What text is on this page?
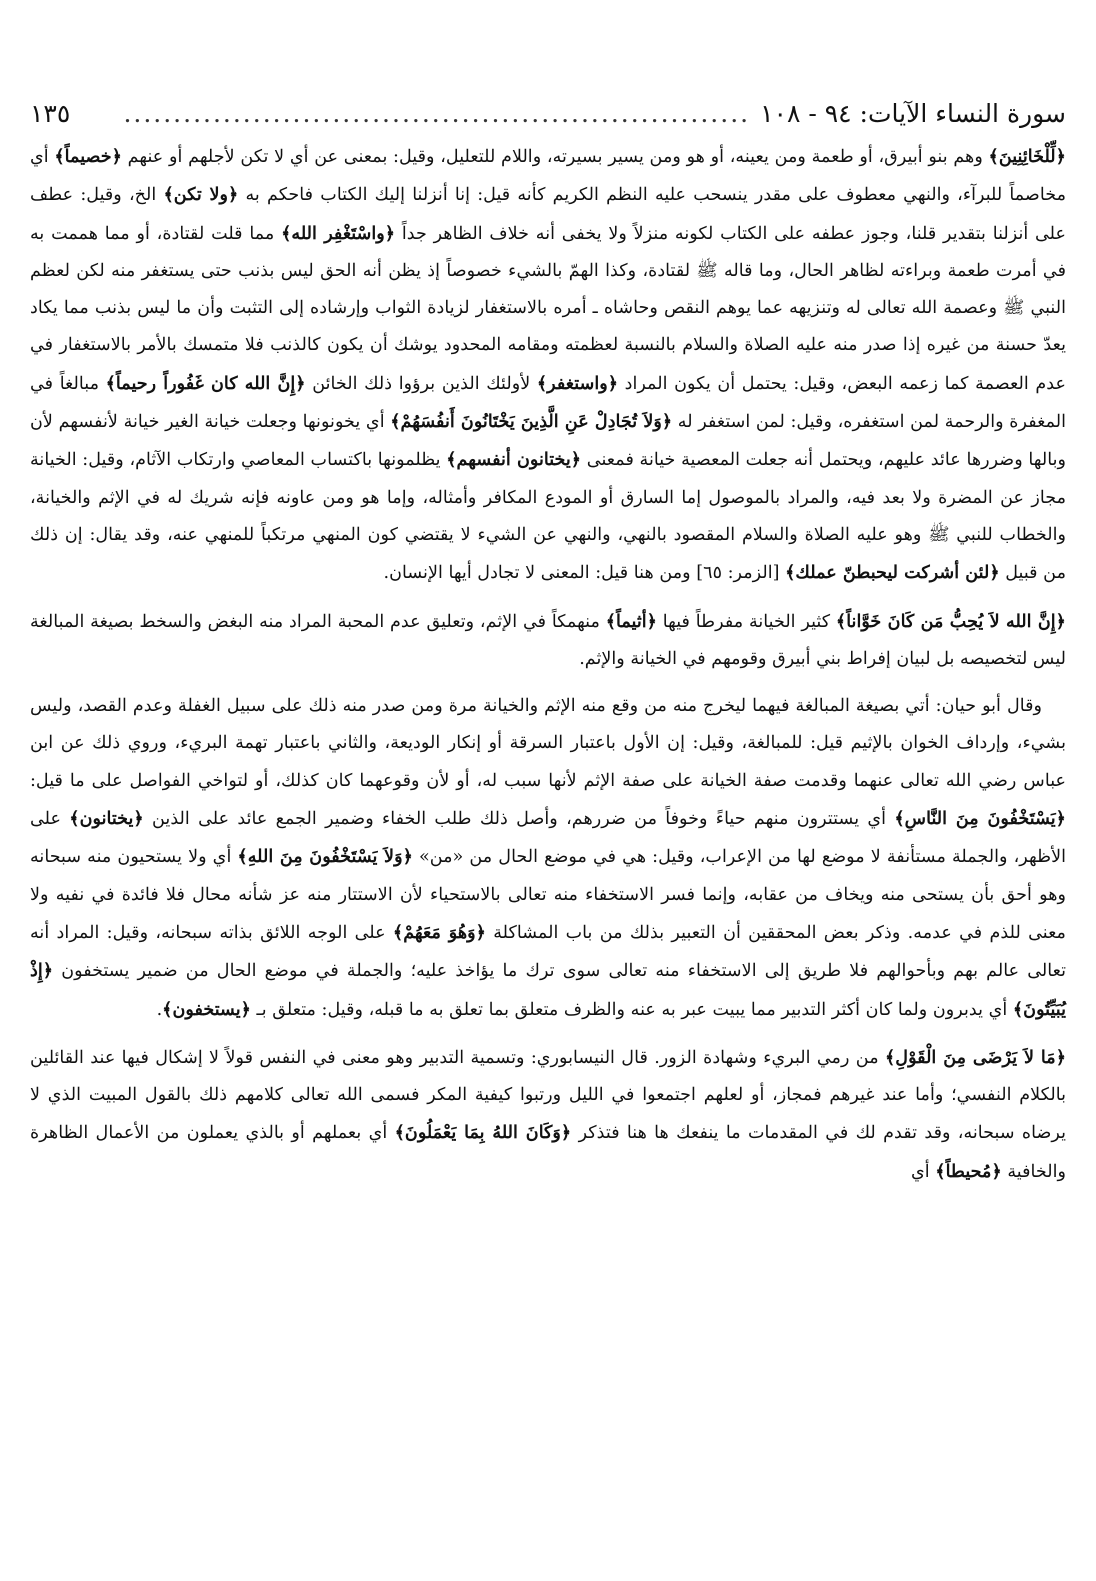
سورة النساء الآيات: ٩٤ - ١٠٨
...............................................................
١٣٥

﴿لِّلْخَائِنِينَ﴾ وهم بنو أبيرق، أو طعمة ومن يعينه، أو هو ومن يسير بسيرته، واللام للتعليل، وقيل: بمعنى عن أي لا تكن لأجلهم أو عنهم ﴿خصيماً﴾ أي مخاصماً للبرآء، والنهي معطوف على مقدر ينسحب عليه النظم الكريم كأنه قيل: إنا أنزلنا إليك الكتاب فاحكم به ﴿ولا تكن﴾ الخ، وقيل: عطف على أنزلنا بتقدير قلنا، وجوز عطفه على الكتاب لكونه منزلاً ولا يخفى أنه خلاف الظاهر جداً ﴿واسْتَغْفِر الله﴾ مما قلت لقتادة، أو مما هممت به في أمرت طعمة وبراءته لظاهر الحال، وما قاله ﷺ لقتادة، وكذا الهمّ بالشيء خصوصاً إذ يظن أنه الحق ليس بذنب حتى يستغفر منه لكن لعظم النبي ﷺ وعصمة الله تعالى له وتنزيهه عما يوهم النقص وحاشاه ـ أمره بالاستغفار لزيادة الثواب وإرشاده إلى التثبت وأن ما ليس بذنب مما يكاد يعدّ حسنة من غيره إذا صدر منه عليه الصلاة والسلام بالنسبة لعظمته ومقامه المحدود يوشك أن يكون كالذنب فلا متمسك بالأمر بالاستغفار في عدم العصمة كما زعمه البعض، وقيل: يحتمل أن يكون المراد ﴿واستغفر﴾ لأولئك الذين برؤوا ذلك الخائن ﴿إِنَّ الله كان غَفُوراً رحيماً﴾ مبالغاً في المغفرة والرحمة لمن استغفره، وقيل: لمن استغفر له ﴿وَلاَ تُجَادِلْ عَنِ الَّذِينَ يَخْتَانُونَ أَنفُسَهُمْ﴾ أي يخونونها وجعلت خيانة الغير خيانة لأنفسهم لأن وبالها وضررها عائد عليهم، ويحتمل أنه جعلت المعصية خيانة فمعنى ﴿يختانون أنفسهم﴾ يظلمونها باكتساب المعاصي وارتكاب الآثام، وقيل: الخيانة مجاز عن المضرة ولا بعد فيه، والمراد بالموصول إما السارق أو المودع المكافر وأمثاله، وإما هو ومن عاونه فإنه شريك له في الإثم والخيانة، والخطاب للنبي ﷺ وهو عليه الصلاة والسلام المقصود بالنهي، والنهي عن الشيء لا يقتضي كون المنهي مرتكباً للمنهي عنه، وقد يقال: إن ذلك من قبيل ﴿لئن أشركت ليحبطنّ عملك﴾ [الزمر: ٦٥] ومن هنا قيل: المعنى لا تجادل أيها الإنسان.

﴿إِنَّ الله لاَ يُحِبُّ مَن كَانَ خَوَّاناً﴾ كثير الخيانة مفرطاً فيها ﴿أثيماً﴾ منهمكاً في الإثم، وتعليق عدم المحبة المراد منه البغض والسخط بصيغة المبالغة ليس لتخصيصه بل لبيان إفراط بني أبيرق وقومهم في الخيانة والإثم.

وقال أبو حيان: أتي بصيغة المبالغة فيهما ليخرج منه من وقع منه الإثم والخيانة مرة ومن صدر منه ذلك على سبيل الغفلة وعدم القصد، وليس بشيء، وإرداف الخوان بالإثيم قيل: للمبالغة، وقيل: إن الأول باعتبار السرقة أو إنكار الوديعة، والثاني باعتبار تهمة البريء، وروي ذلك عن ابن عباس رضي الله تعالى عنهما وقدمت صفة الخيانة على صفة الإثم لأنها سبب له، أو لأن وقوعهما كان كذلك، أو لتواخي الفواصل على ما قيل: ﴿يَسْتَخْفُونَ مِنَ النَّاسِ﴾ أي يستترون منهم حياءً وخوفاً من ضررهم، وأصل ذلك طلب الخفاء وضمير الجمع عائد على الذين ﴿يختانون﴾ على الأظهر، والجملة مستأنفة لا موضع لها من الإعراب، وقيل: هي في موضع الحال من «من» ﴿وَلاَ يَسْتَخْفُونَ مِنَ اللهِ﴾ أي ولا يستحيون منه سبحانه وهو أحق بأن يستحى منه ويخاف من عقابه، وإنما فسر الاستخفاء منه تعالى بالاستحياء لأن الاستتار منه عز شأنه محال فلا فائدة في نفيه ولا معنى للذم في عدمه. وذكر بعض المحققين أن التعبير بذلك من باب المشاكلة ﴿وَهُوَ مَعَهُمْ﴾ على الوجه اللائق بذاته سبحانه، وقيل: المراد أنه تعالى عالم بهم وبأحوالهم فلا طريق إلى الاستخفاء منه تعالى سوى ترك ما يؤاخذ عليه؛ والجملة في موضع الحال من ضمير يستخفون ﴿إِذْ يُبَيِّتُونَ﴾ أي يدبرون ولما كان أكثر التدبير مما يبيت عبر به عنه والظرف متعلق بما تعلق به ما قبله، وقيل: متعلق بـ ﴿يستخفون﴾.

﴿مَا لاَ يَرْضَى مِنَ الْقَوْلِ﴾ من رمي البريء وشهادة الزور. قال النيسابوري: وتسمية التدبير وهو معنى في النفس قولاً لا إشكال فيها عند القائلين بالكلام النفسي؛ وأما عند غيرهم فمجاز، أو لعلهم اجتمعوا في الليل ورتبوا كيفية المكر فسمى الله تعالى كلامهم ذلك بالقول المبيت الذي لا يرضاه سبحانه، وقد تقدم لك في المقدمات ما ينفعك ها هنا فتذكر ﴿وَكَانَ اللهُ بِمَا يَعْمَلُونَ﴾ أي بعملهم أو بالذي يعملون من الأعمال الظاهرة والخافية ﴿مُحيطاً﴾ أي
